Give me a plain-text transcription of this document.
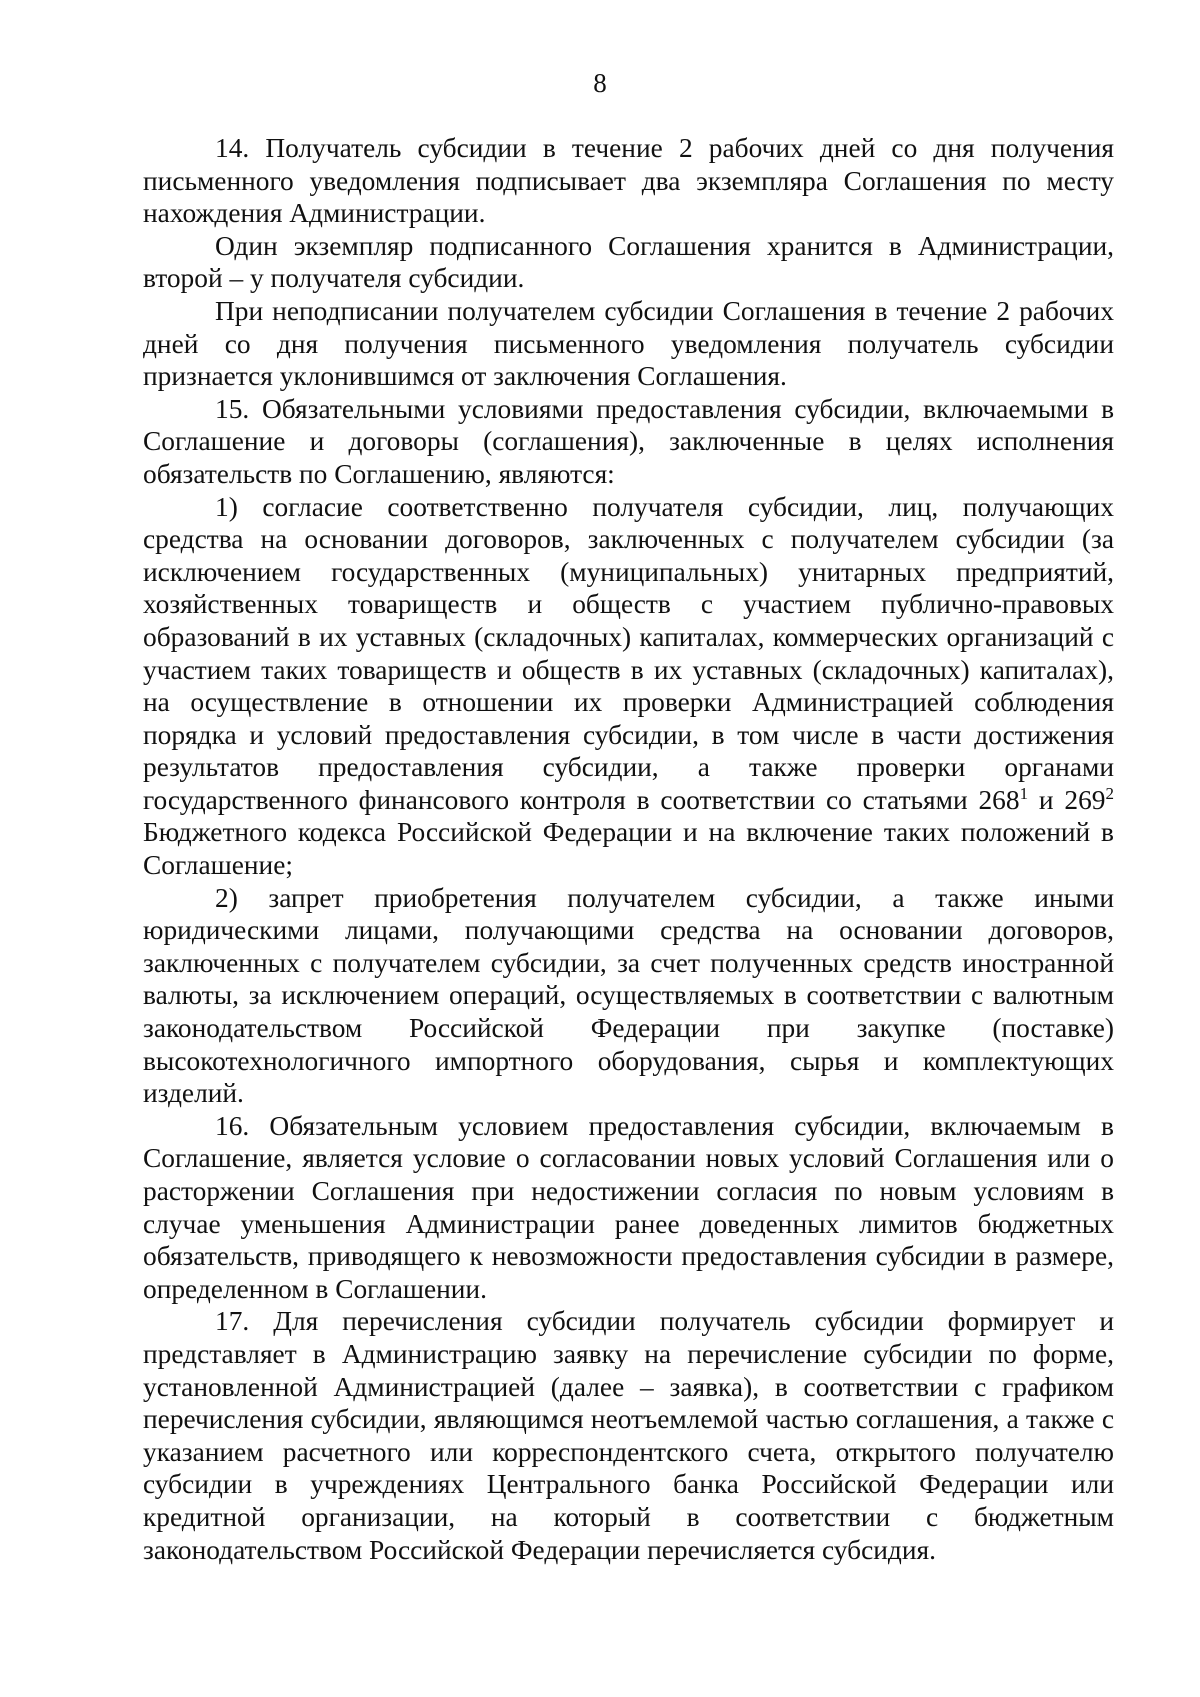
8

14. Получатель субсидии в течение 2 рабочих дней со дня получения письменного уведомления подписывает два экземпляра Соглашения по месту нахождения Администрации.

Один экземпляр подписанного Соглашения хранится в Администрации, второй – у получателя субсидии.

При неподписании получателем субсидии Соглашения в течение 2 рабочих дней со дня получения письменного уведомления получатель субсидии признается уклонившимся от заключения Соглашения.

15. Обязательными условиями предоставления субсидии, включаемыми в Соглашение и договоры (соглашения), заключенные в целях исполнения обязательств по Соглашению, являются:

1) согласие соответственно получателя субсидии, лиц, получающих средства на основании договоров, заключенных с получателем субсидии (за исключением государственных (муниципальных) унитарных предприятий, хозяйственных товариществ и обществ с участием публично-правовых образований в их уставных (складочных) капиталах, коммерческих организаций с участием таких товариществ и обществ в их уставных (складочных) капиталах), на осуществление в отношении их проверки Администрацией соблюдения порядка и условий предоставления субсидии, в том числе в части достижения результатов предоставления субсидии, а также проверки органами государственного финансового контроля в соответствии со статьями $268^1$ и $269^2$ Бюджетного кодекса Российской Федерации и на включение таких положений в Соглашение;

2) запрет приобретения получателем субсидии, а также иными юридическими лицами, получающими средства на основании договоров, заключенных с получателем субсидии, за счет полученных средств иностранной валюты, за исключением операций, осуществляемых в соответствии с валютным законодательством Российской Федерации при закупке (поставке) высокотехнологичного импортного оборудования, сырья и комплектующих изделий.

16. Обязательным условием предоставления субсидии, включаемым в Соглашение, является условие о согласовании новых условий Соглашения или о расторжении Соглашения при недостижении согласия по новым условиям в случае уменьшения Администрации ранее доведенных лимитов бюджетных обязательств, приводящего к невозможности предоставления субсидии в размере, определенном в Соглашении.

17. Для перечисления субсидии получатель субсидии формирует и представляет в Администрацию заявку на перечисление субсидии по форме, установленной Администрацией (далее – заявка), в соответствии с графиком перечисления субсидии, являющимся неотъемлемой частью соглашения, а также с указанием расчетного или корреспондентского счета, открытого получателю субсидии в учреждениях Центрального банка Российской Федерации или кредитной организации, на который в соответствии с бюджетным законодательством Российской Федерации перечисляется субсидия.
